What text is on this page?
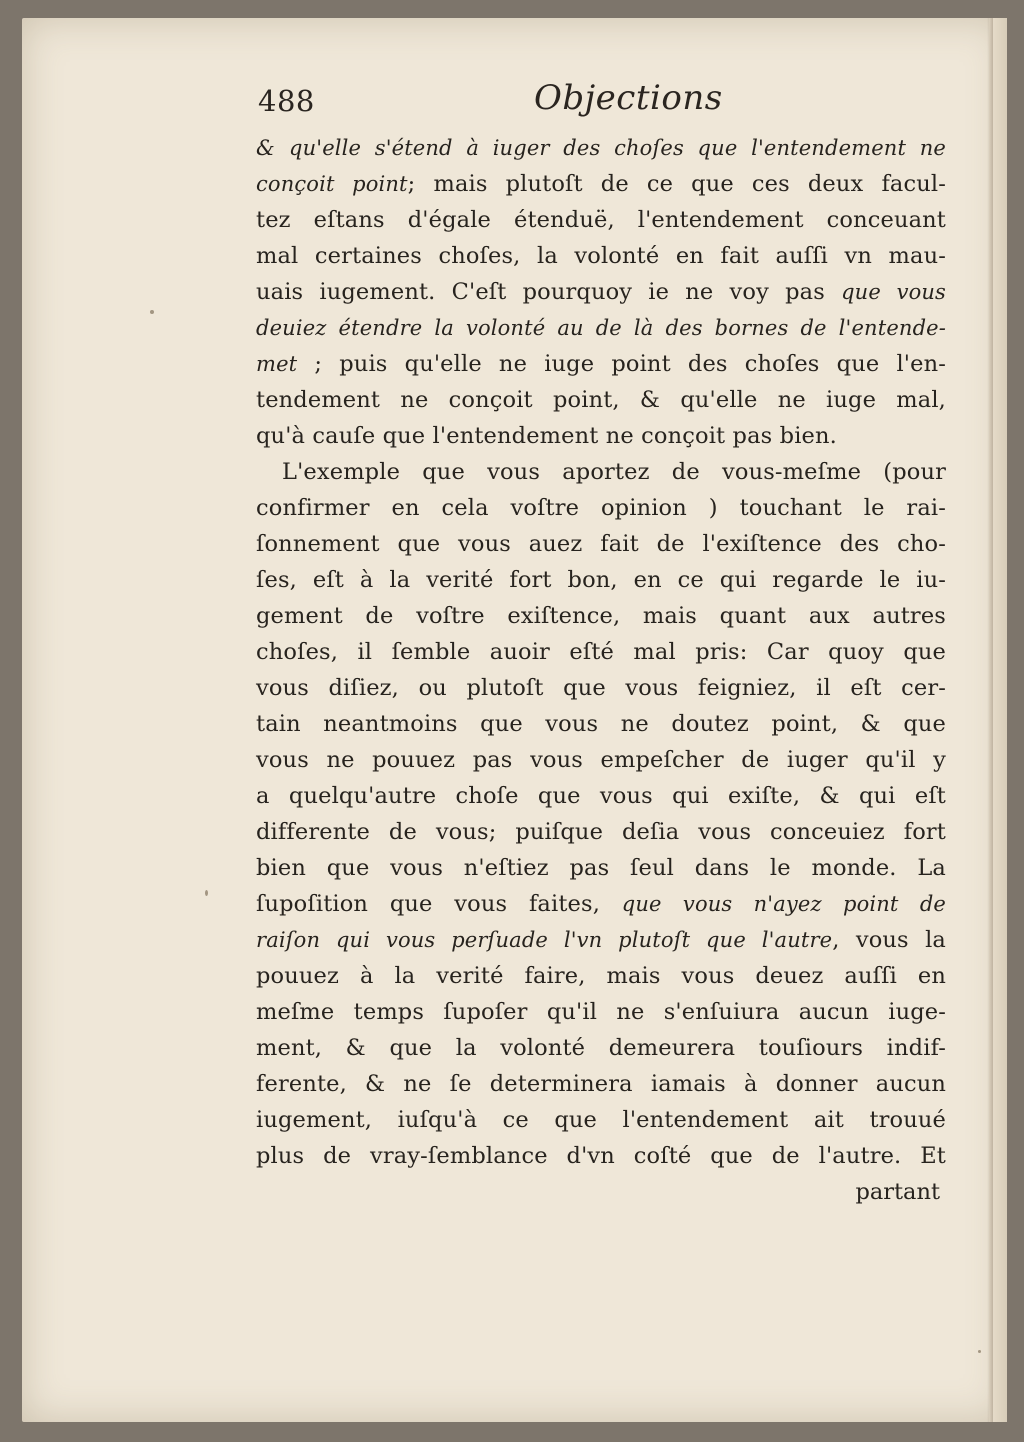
488	Objections
& qu'elle s'étend à iuger des choſes que l'entendement ne
conçoit point; mais plutoſt de ce que ces deux facul-
tez eſtans d'égale étenduë, l'entendement conceuant
mal certaines choſes, la volonté en fait auſſi vn mau-
uais iugement. C'eſt pourquoy ie ne voy pas que vous
deuiez étendre la volonté au de là des bornes de l'entende-
met ; puis qu'elle ne iuge point des choſes que l'en-
tendement ne conçoit point, & qu'elle ne iuge mal,
qu'à cauſe que l'entendement ne conçoit pas bien.
L'exemple que vous aportez de vous-meſme (pour
confirmer en cela voſtre opinion ) touchant le rai-
ſonnement que vous auez fait de l'exiſtence des cho-
ſes, eſt à la verité fort bon, en ce qui regarde le iu-
gement de voſtre exiſtence, mais quant aux autres
choſes, il ſemble auoir eſté mal pris: Car quoy que
vous diſiez, ou plutoſt que vous feigniez, il eſt cer-
tain neantmoins que vous ne doutez point, & que
vous ne pouuez pas vous empeſcher de iuger qu'il y
a quelqu'autre choſe que vous qui exiſte, & qui eſt
differente de vous; puiſque deſia vous conceuiez fort
bien que vous n'eſtiez pas ſeul dans le monde. La
ſupoſition que vous faites, que vous n'ayez point de
raiſon qui vous perſuade l'vn plutoſt que l'autre, vous la
pouuez à la verité faire, mais vous deuez auſſi en
meſme temps ſupoſer qu'il ne s'enſuiura aucun iuge-
ment, & que la volonté demeurera touſiours indif-
ferente, & ne ſe determinera iamais à donner aucun
iugement, iuſqu'à ce que l'entendement ait trouué
plus de vray-ſemblance d'vn coſté que de l'autre. Et
partant
